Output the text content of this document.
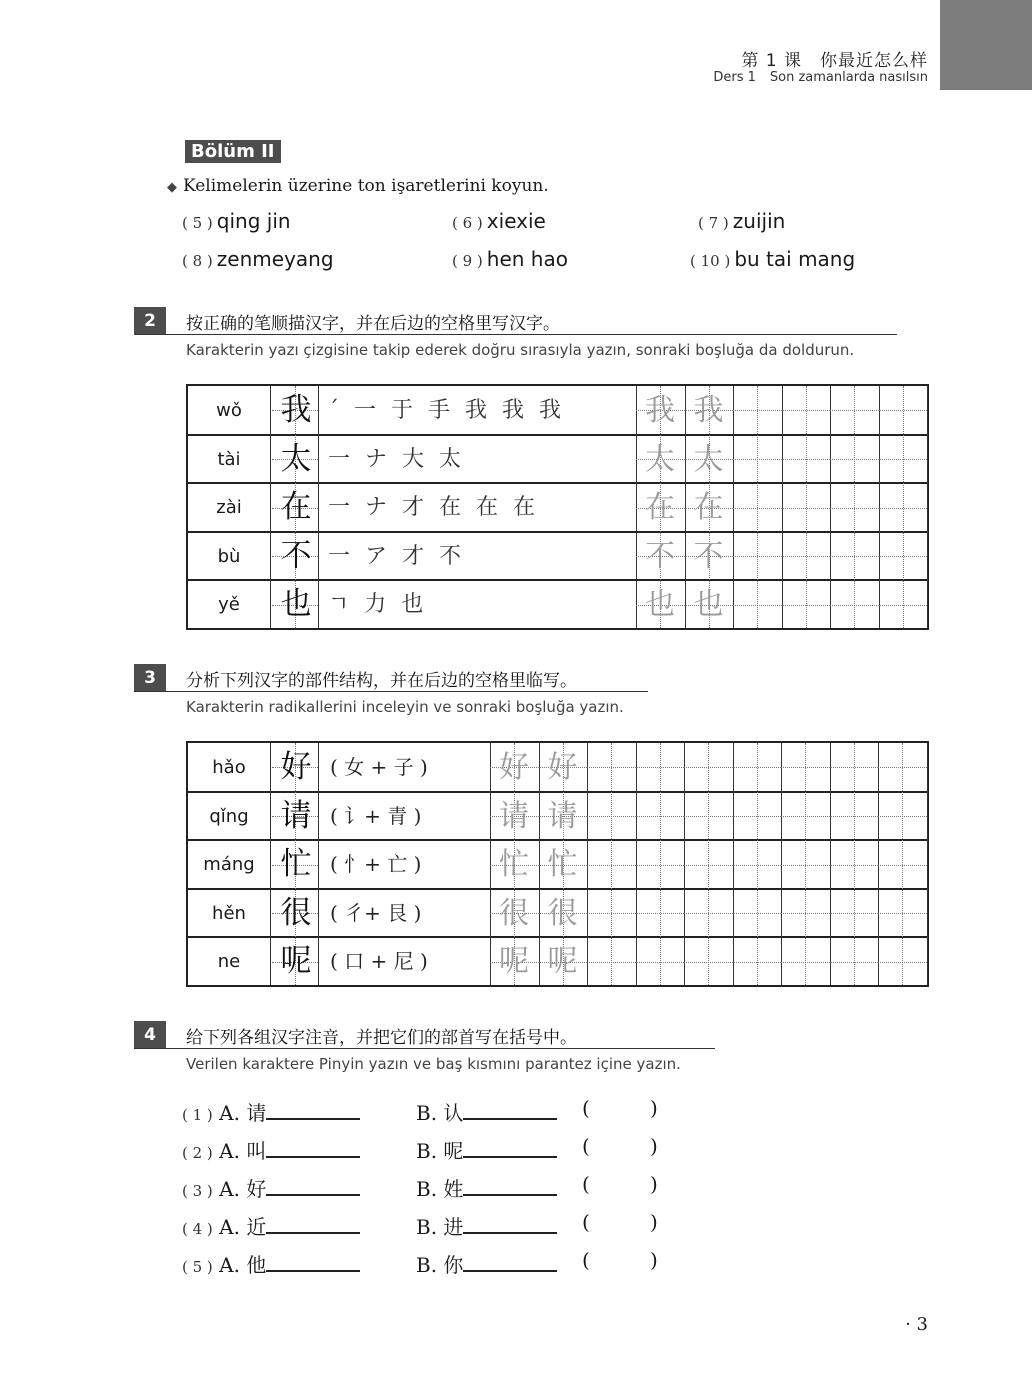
第 1 课　你最近怎么样
Ders 1 Son zamanlarda nasılsın
Bölüm II
◆ Kelimelerin üzerine ton işaretlerini koyun.
( 5 ) qing jin	( 6 ) xiexie	( 7 ) zuijin
( 8 ) zenmeyang	( 9 ) hen hao	( 10 ) bu tai mang
2	按正确的笔顺描汉字，并在后边的空格里写汉字。
Karakterin yazı çizgisine takip ederek doğru sırasıyla yazın, sonraki boşluğa da doldurun.
wǒ	我 ´ 一 于 手 我 我 我	我 我
tài	太 一 ナ 大 太	太 太
zài	在 一 ナ 才 在 在 在	在 在
bù	不 一 ア 才 不	不 不
yě	也 ㄱ 力 也	也 也
3	分析下列汉字的部件结构，并在后边的空格里临写。
Karakterin radikallerini inceleyin ve sonraki boşluğa yazın.
hǎo	好 ( 女 + 子 )	好 好
qǐng	请 ( 讠+ 青 )	请 请
máng 忙 ( 忄+ 亡 )	忙 忙
hěn	很 ( 彳+ 艮 )	很 很
ne	呢 ( 口 + 尼 )	呢 呢
4	给下列各组汉字注音，并把它们的部首写在括号中。
Verilen karaktere Pinyin yazın ve baş kısmını parantez içine yazın.
( 1 ) A. 请	B. 认	(	)
( 2 ) A. 叫	B. 呢	(	)
( 3 ) A. 好	B. 姓	(	)
( 4 ) A. 近	B. 进	(	)
( 5 ) A. 他	B. 你	(	)
· 3
